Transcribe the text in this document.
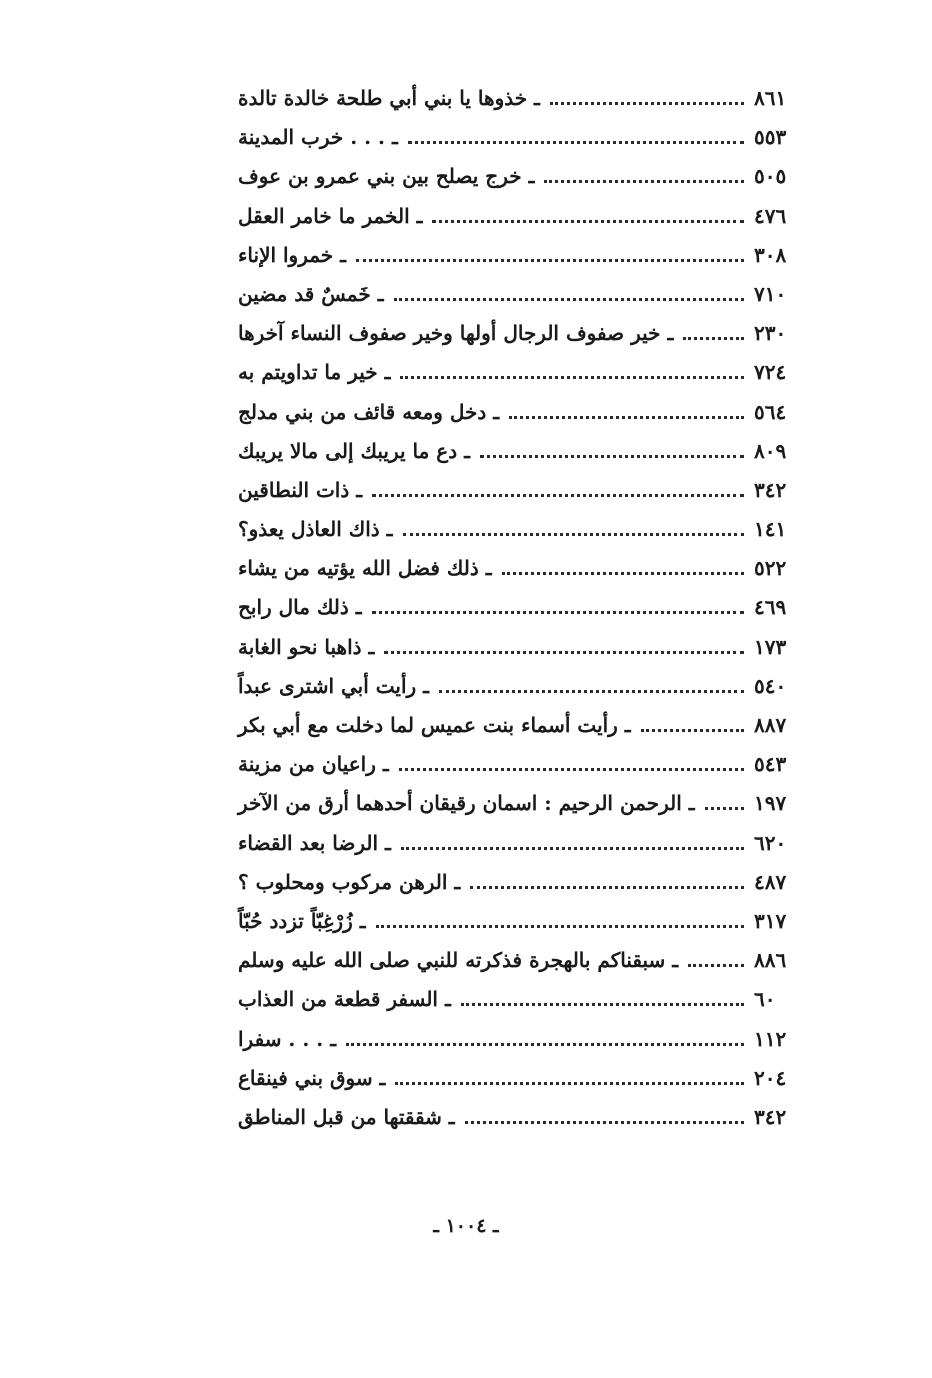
ـ خذوها يا بني أبي طلحة خالدة تالدة	٨٦١
ـ . . . خرب المدينة	٥٥٣
ـ خرج يصلح بين بني عمرو بن عوف	٥٠٥
ـ الخمر ما خامر العقل	٤٧٦
ـ خمروا الإناء	٣٠٨
ـ خَمسٌ قد مضين	٧١٠
ـ خير صفوف الرجال أولها وخير صفوف النساء آخرها	٢٣٠
ـ خير ما تداويتم به	٧٢٤
ـ دخل ومعه قائف من بني مدلج	٥٦٤
ـ دع ما يريبك إلى مالا يريبك	٨٠٩
ـ ذات النطاقين	٣٤٢
ـ ذاك العاذل يعذو؟	١٤١
ـ ذلك فضل الله يؤتيه من يشاء	٥٢٢
ـ ذلك مال رابح	٤٦٩
ـ ذاهبا نحو الغابة	١٧٣
ـ رأيت أبي اشترى عبداً	٥٤٠
ـ رأيت أسماء بنت عميس لما دخلت مع أبي بكر	٨٨٧
ـ راعيان من مزينة	٥٤٣
ـ الرحمن الرحيم : اسمان رقيقان أحدهما أرق من الآخر	١٩٧
ـ الرضا بعد القضاء	٦٢٠
ـ الرهن مركوب ومحلوب ؟	٤٨٧
ـ زُرْغِبّاً تزدد حُبّاً	٣١٧
ـ سبقناكم بالهجرة فذكرته للنبي صلى الله عليه وسلم	٨٨٦
ـ السفر قطعة من العذاب	٦٠
ـ . . . سفرا	١١٢
ـ سوق بني فينقاع	٢٠٤
ـ شققتها من قبل المناطق	٣٤٢
ـ ١٠٠٤ ـ
